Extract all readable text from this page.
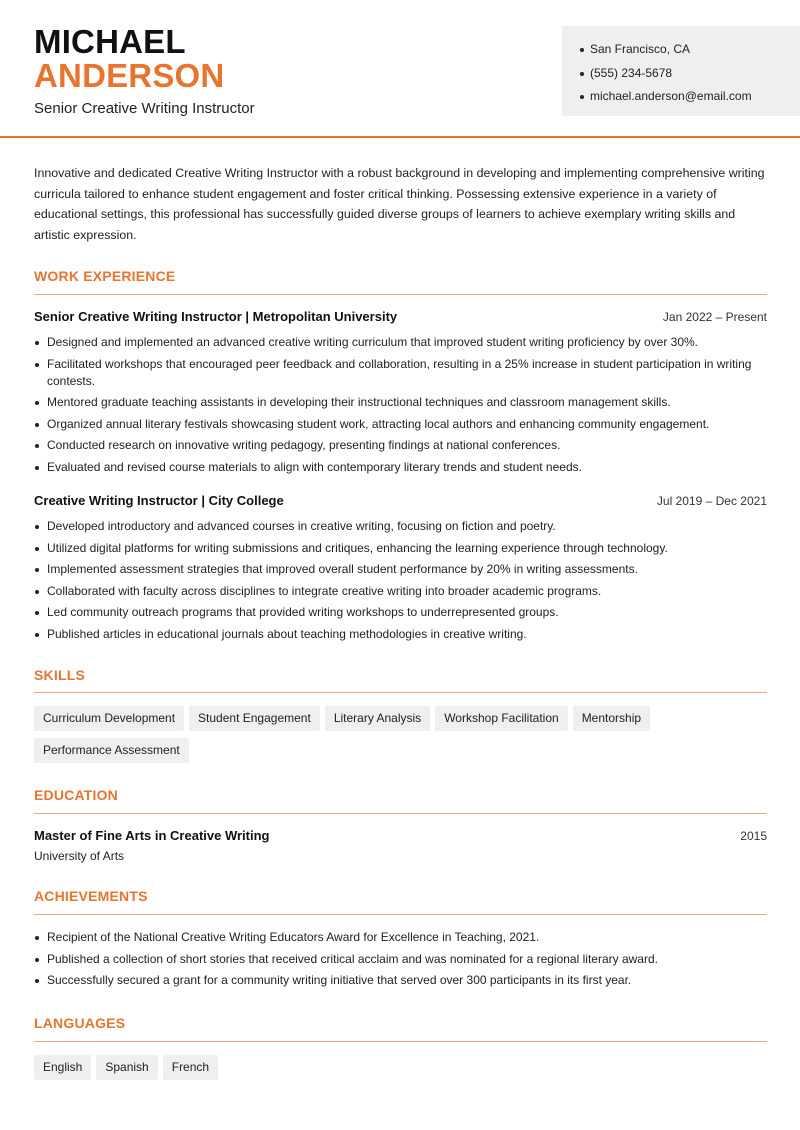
MICHAEL
ANDERSON
Senior Creative Writing Instructor
San Francisco, CA
(555) 234-5678
michael.anderson@email.com

Innovative and dedicated Creative Writing Instructor with a robust background in developing and implementing comprehensive writing curricula tailored to enhance student engagement and foster critical thinking. Possessing extensive experience in a variety of educational settings, this professional has successfully guided diverse groups of learners to achieve exemplary writing skills and artistic expression.

WORK EXPERIENCE
Senior Creative Writing Instructor | Metropolitan University	Jan 2022 – Present
Designed and implemented an advanced creative writing curriculum that improved student writing proficiency by over 30%.
Facilitated workshops that encouraged peer feedback and collaboration, resulting in a 25% increase in student participation in writing contests.
Mentored graduate teaching assistants in developing their instructional techniques and classroom management skills.
Organized annual literary festivals showcasing student work, attracting local authors and enhancing community engagement.
Conducted research on innovative writing pedagogy, presenting findings at national conferences.
Evaluated and revised course materials to align with contemporary literary trends and student needs.
Creative Writing Instructor | City College	Jul 2019 – Dec 2021
Developed introductory and advanced courses in creative writing, focusing on fiction and poetry.
Utilized digital platforms for writing submissions and critiques, enhancing the learning experience through technology.
Implemented assessment strategies that improved overall student performance by 20% in writing assessments.
Collaborated with faculty across disciplines to integrate creative writing into broader academic programs.
Led community outreach programs that provided writing workshops to underrepresented groups.
Published articles in educational journals about teaching methodologies in creative writing.
SKILLS
Curriculum Development Student Engagement Literary Analysis Workshop Facilitation MentorshipPerformance Assessment
EDUCATION
Master of Fine Arts in Creative Writing	2015
University of Arts
ACHIEVEMENTS
Recipient of the National Creative Writing Educators Award for Excellence in Teaching, 2021.
Published a collection of short stories that received critical acclaim and was nominated for a regional literary award.
Successfully secured a grant for a community writing initiative that served over 300 participants in its first year.
LANGUAGES
English Spanish French
